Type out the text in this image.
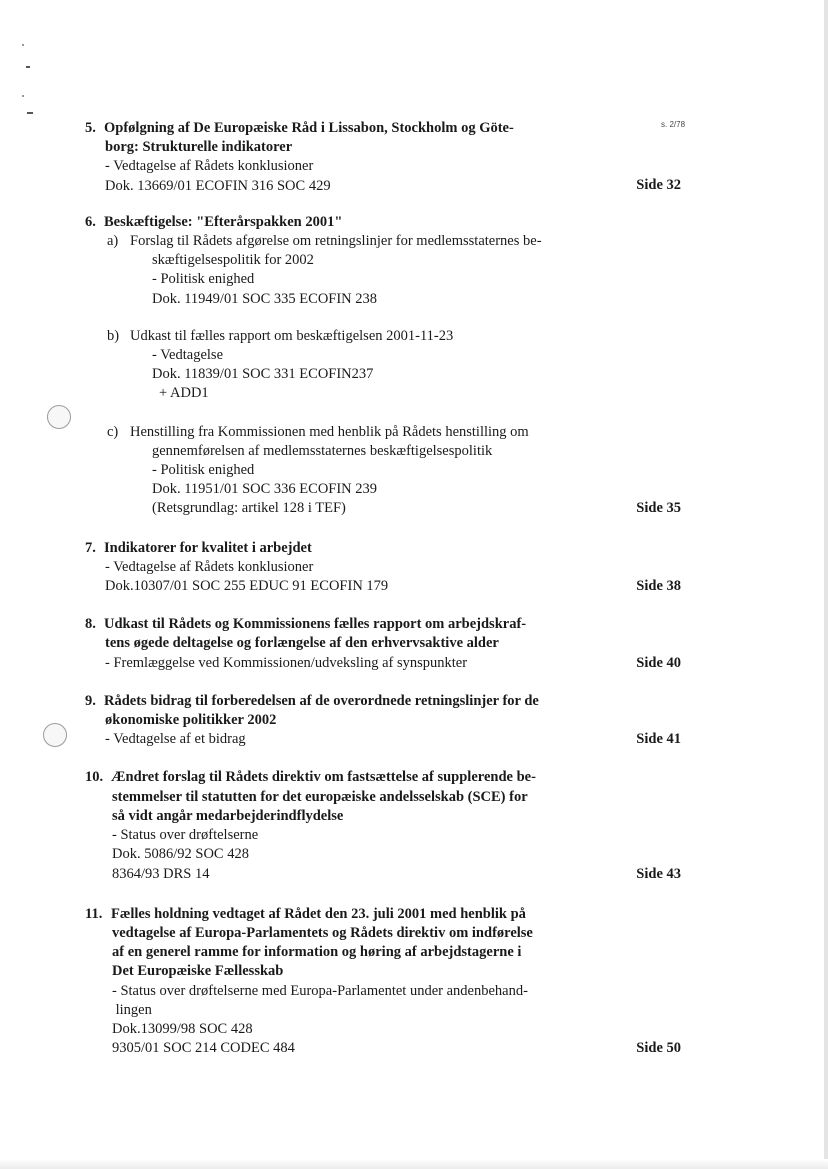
s. 2/78
5. Opfølgning af De Europæiske Råd i Lissabon, Stockholm og Göte-
borg: Strukturelle indikatorer
- Vedtagelse af Rådets konklusioner
Dok. 13669/01 ECOFIN 316 SOC 429	Side 32
6. Beskæftigelse: "Efterårspakken 2001"
a) Forslag til Rådets afgørelse om retningslinjer for medlemsstaternes be-
skæftigelsespolitik for 2002
- Politisk enighed
Dok. 11949/01 SOC 335 ECOFIN 238
b) Udkast til fælles rapport om beskæftigelsen 2001-11-23
- Vedtagelse
Dok. 11839/01 SOC 331 ECOFIN237
+ ADD1
c) Henstilling fra Kommissionen med henblik på Rådets henstilling om
gennemførelsen af medlemsstaternes beskæftigelsespolitik
- Politisk enighed
Dok. 11951/01 SOC 336 ECOFIN 239
(Retsgrundlag: artikel 128 i TEF)	Side 35
7. Indikatorer for kvalitet i arbejdet
- Vedtagelse af Rådets konklusioner
Dok.10307/01 SOC 255 EDUC 91 ECOFIN 179	Side 38
8. Udkast til Rådets og Kommissionens fælles rapport om arbejdskraf-
tens øgede deltagelse og forlængelse af den erhvervsaktive alder
- Fremlæggelse ved Kommissionen/udveksling af synspunkter	Side 40
9. Rådets bidrag til forberedelsen af de overordnede retningslinjer for de
økonomiske politikker 2002
- Vedtagelse af et bidrag	Side 41
10. Ændret forslag til Rådets direktiv om fastsættelse af supplerende be-
stemmelser til statutten for det europæiske andelsselskab (SCE) for
så vidt angår medarbejderindflydelse
- Status over drøftelserne
Dok. 5086/92 SOC 428
8364/93 DRS 14	Side 43
11. Fælles holdning vedtaget af Rådet den 23. juli 2001 med henblik på
vedtagelse af Europa-Parlamentets og Rådets direktiv om indførelse
af en generel ramme for information og høring af arbejdstagerne i
Det Europæiske Fællesskab
- Status over drøftelserne med Europa-Parlamentet under andenbehand-
lingen
Dok.13099/98 SOC 428
9305/01 SOC 214 CODEC 484	Side 50
